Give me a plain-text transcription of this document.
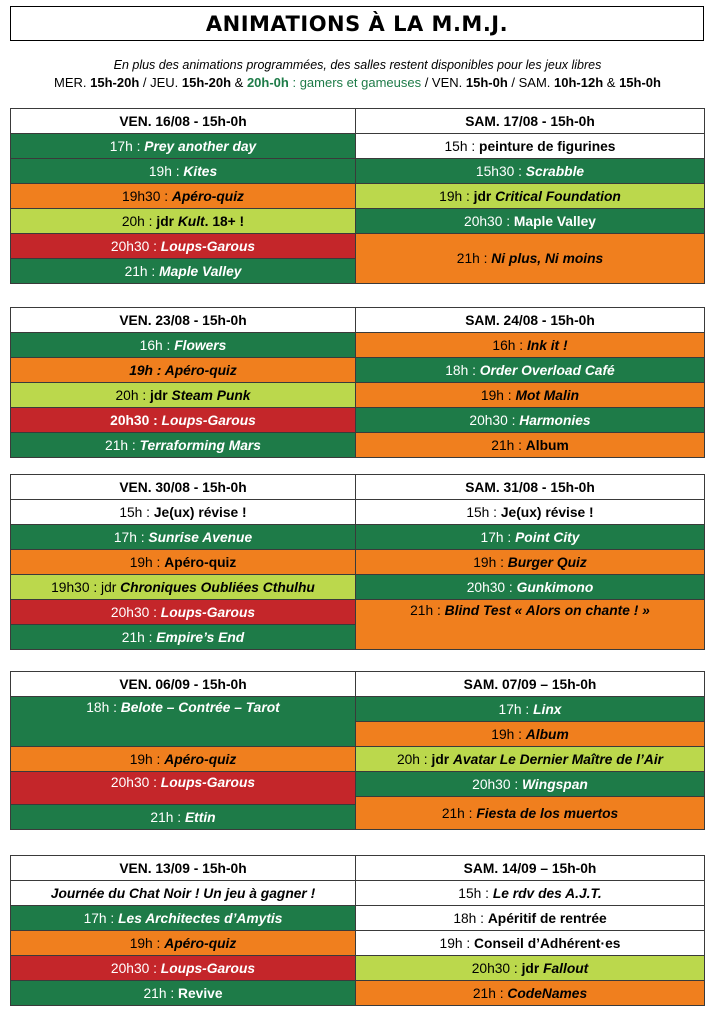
ANIMATIONS À LA M.M.J.
En plus des animations programmées, des salles restent disponibles pour les jeux libres
MER. 15h-20h / JEU. 15h-20h & 20h-0h : gamers et gameuses / VEN. 15h-0h / SAM. 10h-12h & 15h-0h
VEN. 16/08 - 15h-0h	SAM. 17/08 - 15h-0h
17h : Prey another day	15h : peinture de figurines
19h : Kites	15h30 : Scrabble
19h30 : Apéro-quiz	19h : jdr Critical Foundation
20h : jdr Kult. 18+ !	20h30 : Maple Valley
20h30 : Loups-Garous	21h : Ni plus, Ni moins
21h : Maple Valley	
VEN. 23/08 - 15h-0h	SAM. 24/08 - 15h-0h
16h : Flowers	16h : Ink it !
19h : Apéro-quiz	18h : Order Overload Café
20h : jdr Steam Punk	19h : Mot Malin
20h30 : Loups-Garous	20h30 : Harmonies
21h : Terraforming Mars	21h : Album
VEN. 30/08 - 15h-0h	SAM. 31/08 - 15h-0h
15h : Je(ux) révise !	15h : Je(ux) révise !
17h : Sunrise Avenue	17h : Point City
19h : Apéro-quiz	19h : Burger Quiz
19h30 : jdr Chroniques Oubliées Cthulhu	20h30 : Gunkimono
20h30 : Loups-Garous	21h : Blind Test « Alors on chante ! »
21h : Empire’s End	
VEN. 06/09 - 15h-0h	SAM. 07/09 – 15h-0h
18h : Belote – Contrée – Tarot	17h : Linx
	19h : Album
19h : Apéro-quiz	20h : jdr Avatar Le Dernier Maître de l’Air
20h30 : Loups-Garous	20h30 : Wingspan
	21h : Fiesta de los muertos
21h : Ettin	
VEN. 13/09 - 15h-0h	SAM. 14/09 – 15h-0h
Journée du Chat Noir ! Un jeu à gagner !	15h : Le rdv des A.J.T.
17h : Les Architectes d’Amytis	18h : Apéritif de rentrée
19h : Apéro-quiz	19h : Conseil d’Adhérent·es
20h30 : Loups-Garous	20h30 : jdr Fallout
21h : Revive	21h : CodeNames
